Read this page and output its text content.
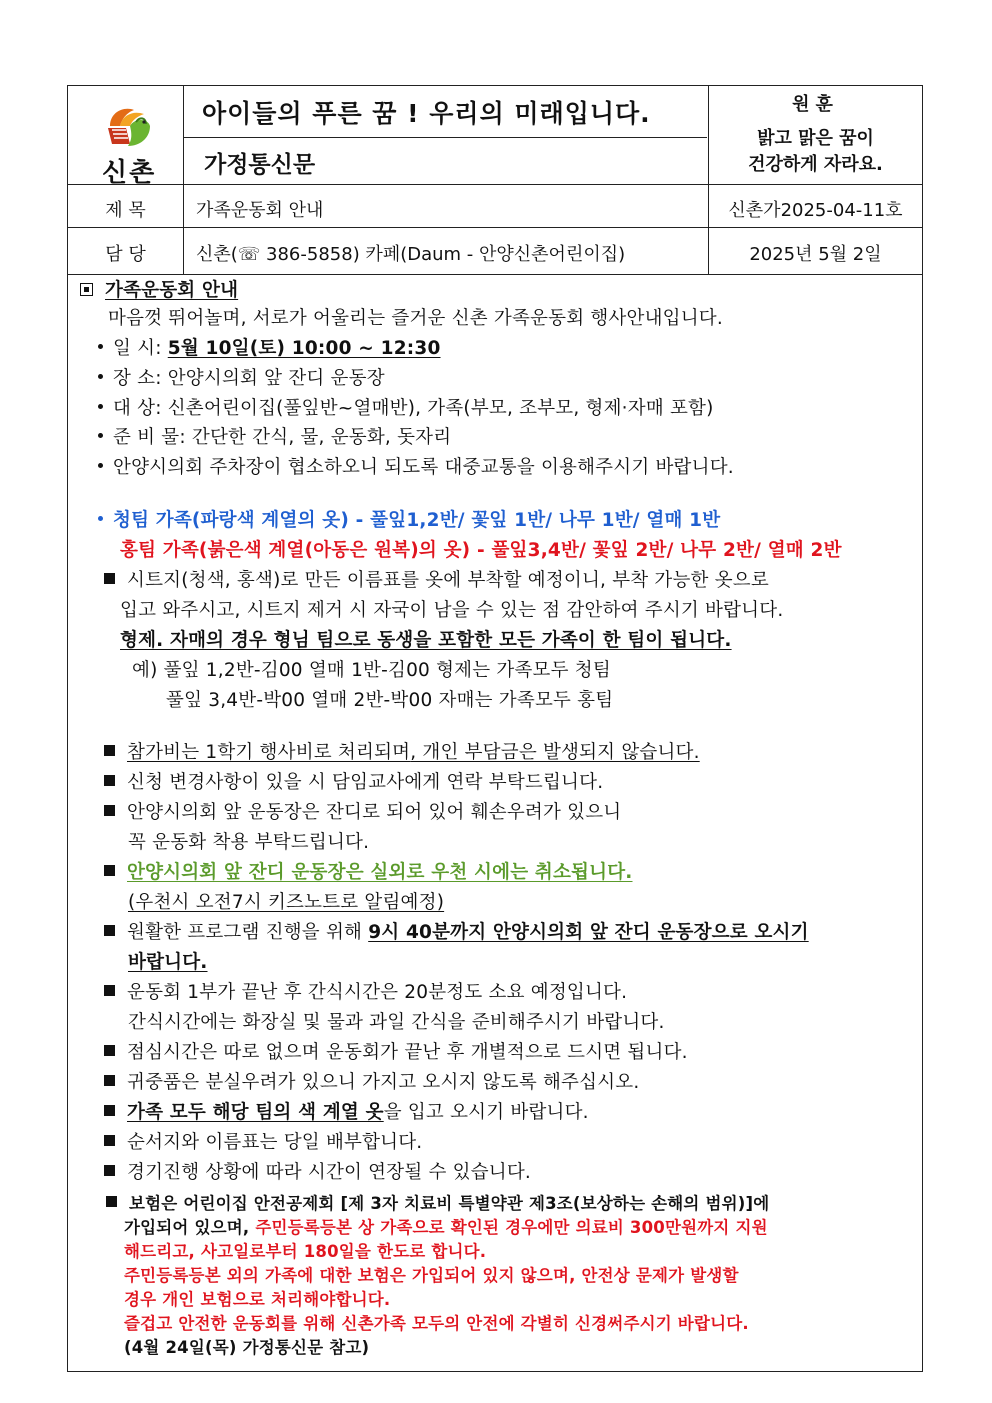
신촌
아이들의 푸른 꿈 ! 우리의 미래입니다.
가정통신문
원훈
밝고 맑은 꿈이
건강하게 자라요.
제 목	가족운동회 안내	신촌가2025-04-11호
담 당	신촌(☏ 386-5858) 카페(Daum - 안양신촌어린이집)	2025년 5월 2일
가족운동회 안내
마음껏 뛰어놀며, 서로가 어울리는 즐거운 신촌 가족운동회 행사안내입니다.
일 시: 5월 10일(토) 10:00 ~ 12:30
장 소: 안양시의회 앞 잔디 운동장
대 상: 신촌어린이집(풀잎반~열매반), 가족(부모, 조부모, 형제·자매 포함)
준 비 물: 간단한 간식, 물, 운동화, 돗자리
안양시의회 주차장이 협소하오니 되도록 대중교통을 이용해주시기 바랍니다.
청팀 가족(파랑색 계열의 옷) - 풀잎1,2반/ 꽃잎 1반/ 나무 1반/ 열매 1반
홍팀 가족(붉은색 계열(아동은 원복)의 옷) - 풀잎3,4반/ 꽃잎 2반/ 나무 2반/ 열매 2반
시트지(청색, 홍색)로 만든 이름표를 옷에 부착할 예정이니, 부착 가능한 옷으로
입고 와주시고, 시트지 제거 시 자국이 남을 수 있는 점 감안하여 주시기 바랍니다.
형제. 자매의 경우 형님 팀으로 동생을 포함한 모든 가족이 한 팀이 됩니다.
예) 풀잎 1,2반-김00 열매 1반-김00 형제는 가족모두 청팀
풀잎 3,4반-박00 열매 2반-박00 자매는 가족모두 홍팀
참가비는 1학기 행사비로 처리되며, 개인 부담금은 발생되지 않습니다.
신청 변경사항이 있을 시 담임교사에게 연락 부탁드립니다.
안양시의회 앞 운동장은 잔디로 되어 있어 훼손우려가 있으니
꼭 운동화 착용 부탁드립니다.
안양시의회 앞 잔디 운동장은 실외로 우천 시에는 취소됩니다.
(우천시 오전7시 키즈노트로 알림예정)
원활한 프로그램 진행을 위해 9시 40분까지 안양시의회 앞 잔디 운동장으로 오시기
바랍니다.
운동회 1부가 끝난 후 간식시간은 20분정도 소요 예정입니다.
간식시간에는 화장실 및 물과 과일 간식을 준비해주시기 바랍니다.
점심시간은 따로 없으며 운동회가 끝난 후 개별적으로 드시면 됩니다.
귀중품은 분실우려가 있으니 가지고 오시지 않도록 해주십시오.
가족 모두 해당 팀의 색 계열 옷을 입고 오시기 바랍니다.
순서지와 이름표는 당일 배부합니다.
경기진행 상황에 따라 시간이 연장될 수 있습니다.
보험은 어린이집 안전공제회 [제 3자 치료비 특별약관 제3조(보상하는 손해의 범위)]에
가입되어 있으며, 주민등록등본 상 가족으로 확인된 경우에만 의료비 300만원까지 지원
해드리고, 사고일로부터 180일을 한도로 합니다.
주민등록등본 외의 가족에 대한 보험은 가입되어 있지 않으며, 안전상 문제가 발생할
경우 개인 보험으로 처리해야합니다.
즐겁고 안전한 운동회를 위해 신촌가족 모두의 안전에 각별히 신경써주시기 바랍니다.
(4월 24일(목) 가정통신문 참고)
